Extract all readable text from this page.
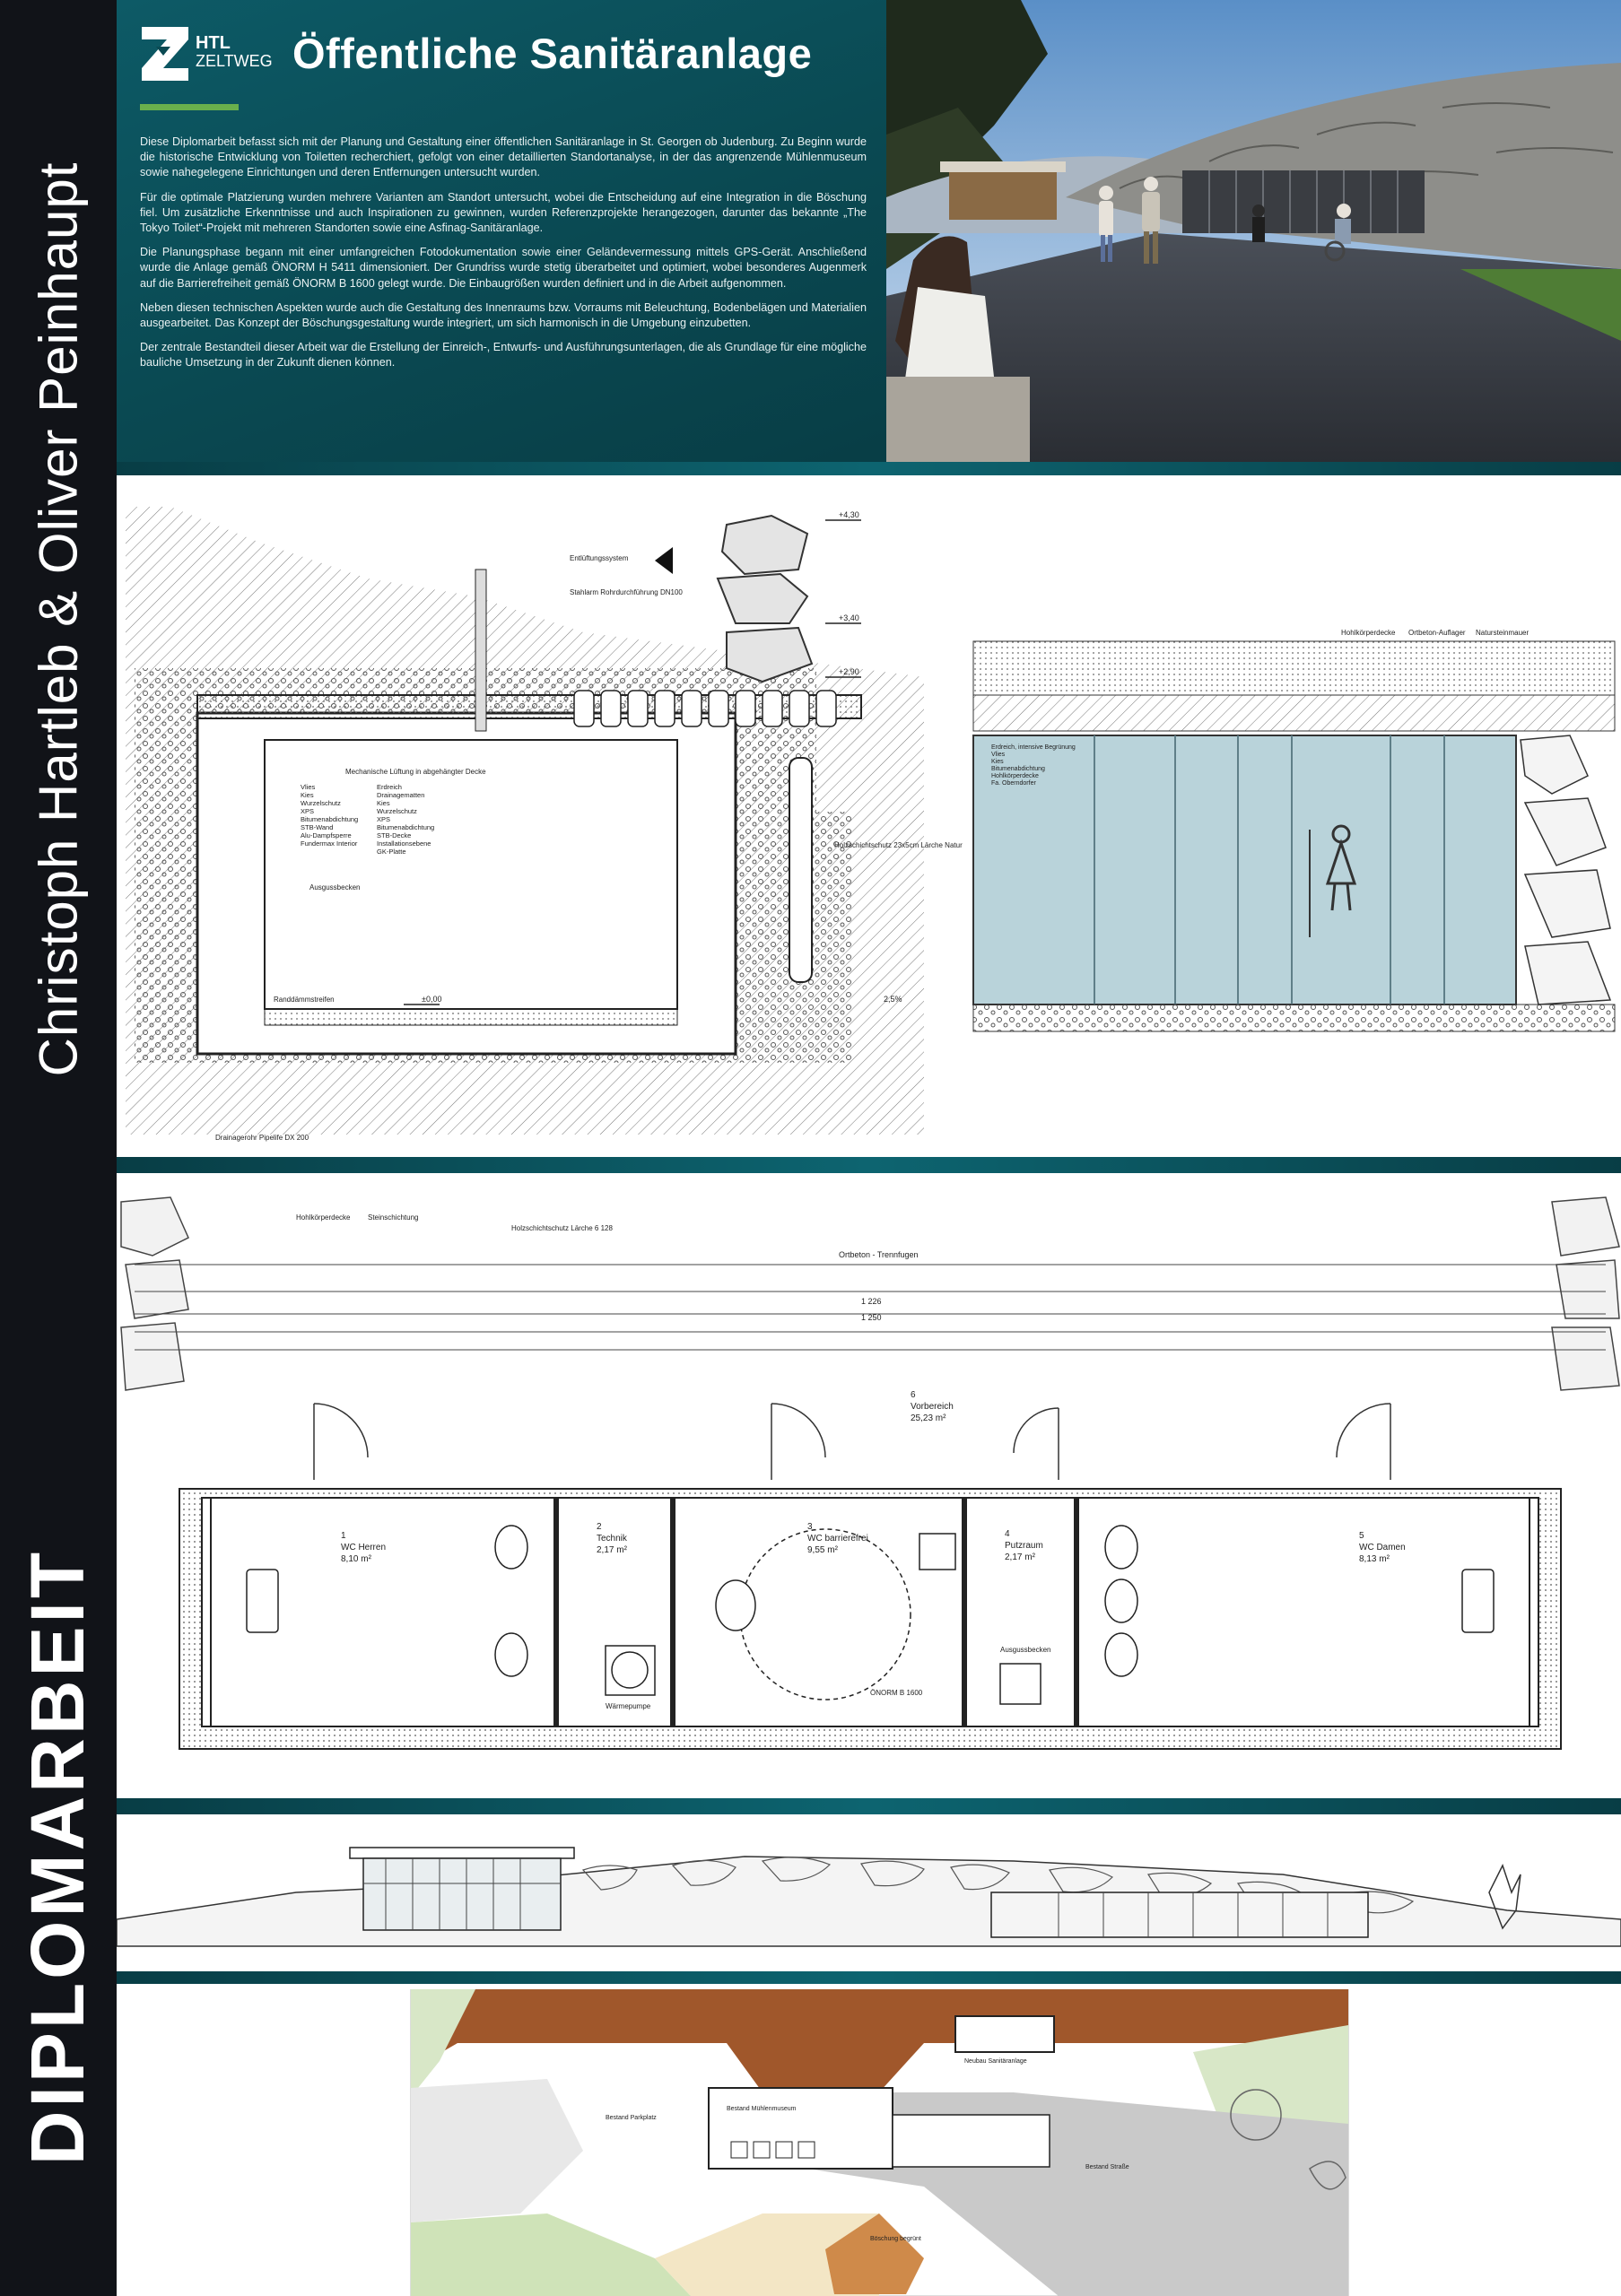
Christoph Hartleb & Oliver Peinhaupt
DIPLOMARBEIT
HTL
ZELTWEG Öffentliche Sanitäranlage

Diese Diplomarbeit befasst sich mit der Planung und Gestaltung einer öffentlichen Sanitäranlage in St. Georgen ob Judenburg. Zu Beginn wurde die historische Entwicklung von Toiletten recherchiert, gefolgt von einer detaillierten Standortanalyse, in der das angrenzende Mühlenmuseum sowie nahegelegene Einrichtungen und deren Entfernungen untersucht wurden.

Für die optimale Platzierung wurden mehrere Varianten am Standort untersucht, wobei die Entscheidung auf eine Integration in die Böschung fiel. Um zusätzliche Erkenntnisse und auch Inspirationen zu gewinnen, wurden Referenzprojekte herangezogen, darunter das bekannte „The Tokyo Toilet“-Projekt mit mehreren Standorten sowie eine Asfinag-Sanitäranlage.

Die Planungsphase begann mit einer umfangreichen Fotodokumentation sowie einer Geländevermessung mittels GPS-Gerät. Anschließend wurde die Anlage gemäß ÖNORM H 5411 dimensioniert. Der Grundriss wurde stetig überarbeitet und optimiert, wobei besonderes Augenmerk auf die Barrierefreiheit gemäß ÖNORM B 1600 gelegt wurde. Die Einbaugrößen wurden definiert und in die Arbeit aufgenommen.

Neben diesen technischen Aspekten wurde auch die Gestaltung des Innenraums bzw. Vorraums mit Beleuchtung, Bodenbelägen und Materialien ausgearbeitet. Das Konzept der Böschungsgestaltung wurde integriert, um sich harmonisch in die Umgebung einzubetten.

Der zentrale Bestandteil dieser Arbeit war die Erstellung der Einreich-, Entwurfs- und Ausführungsunterlagen, die als Grundlage für eine mögliche bauliche Umsetzung in der Zukunft dienen können.

+4,30
+3,40
+2,90
±0,00	2,5%
Entlüftungssystem
Stahlarm Rohrdurchführung DN100
Mechanische Lüftung in abgehängter Decke
Ausgussbecken
Randdämmstreifen
Holzschichtschutz 23x5cm Lärche Natur
Drainagerohr Pipelife DX 200
Vlies
Kies
Wurzelschutz
XPS
Bitumenabdichtung
STB-Wand
Alu-Dampfsperre
Fundermax Interior
Erdreich
Drainagematten
Kies
Wurzelschutz
XPS
Bitumenabdichtung
STB-Decke
Installationsebene
GK-Platte
Hohlkörperdecke Ortbeton-Auflager Natursteinmauer
Erdreich, intensive Begrünung
Vlies
Kies
Bitumenabdichtung
Hohlkörperdecke
Fa. Oberndorfer
1 226
1 250
Ortbeton - Trennfugen
Hohlkörperdecke Steinschichtung
Holzschichtschutz Lärche 6 128
1
WC Herren
8,10 m²
2
Technik
2,17 m²
3
WC barrierefrei
9,55 m²
4
Putzraum
2,17 m²
5
WC Damen
8,13 m²
6
Vorbereich
25,23 m²
ÖNORM B 1600
Wärmepumpe
Ausgussbecken
Bestand Mühlenmuseum
Bestand Parkplatz
Neubau Sanitäranlage
Bestand Straße
Böschung begrünt
